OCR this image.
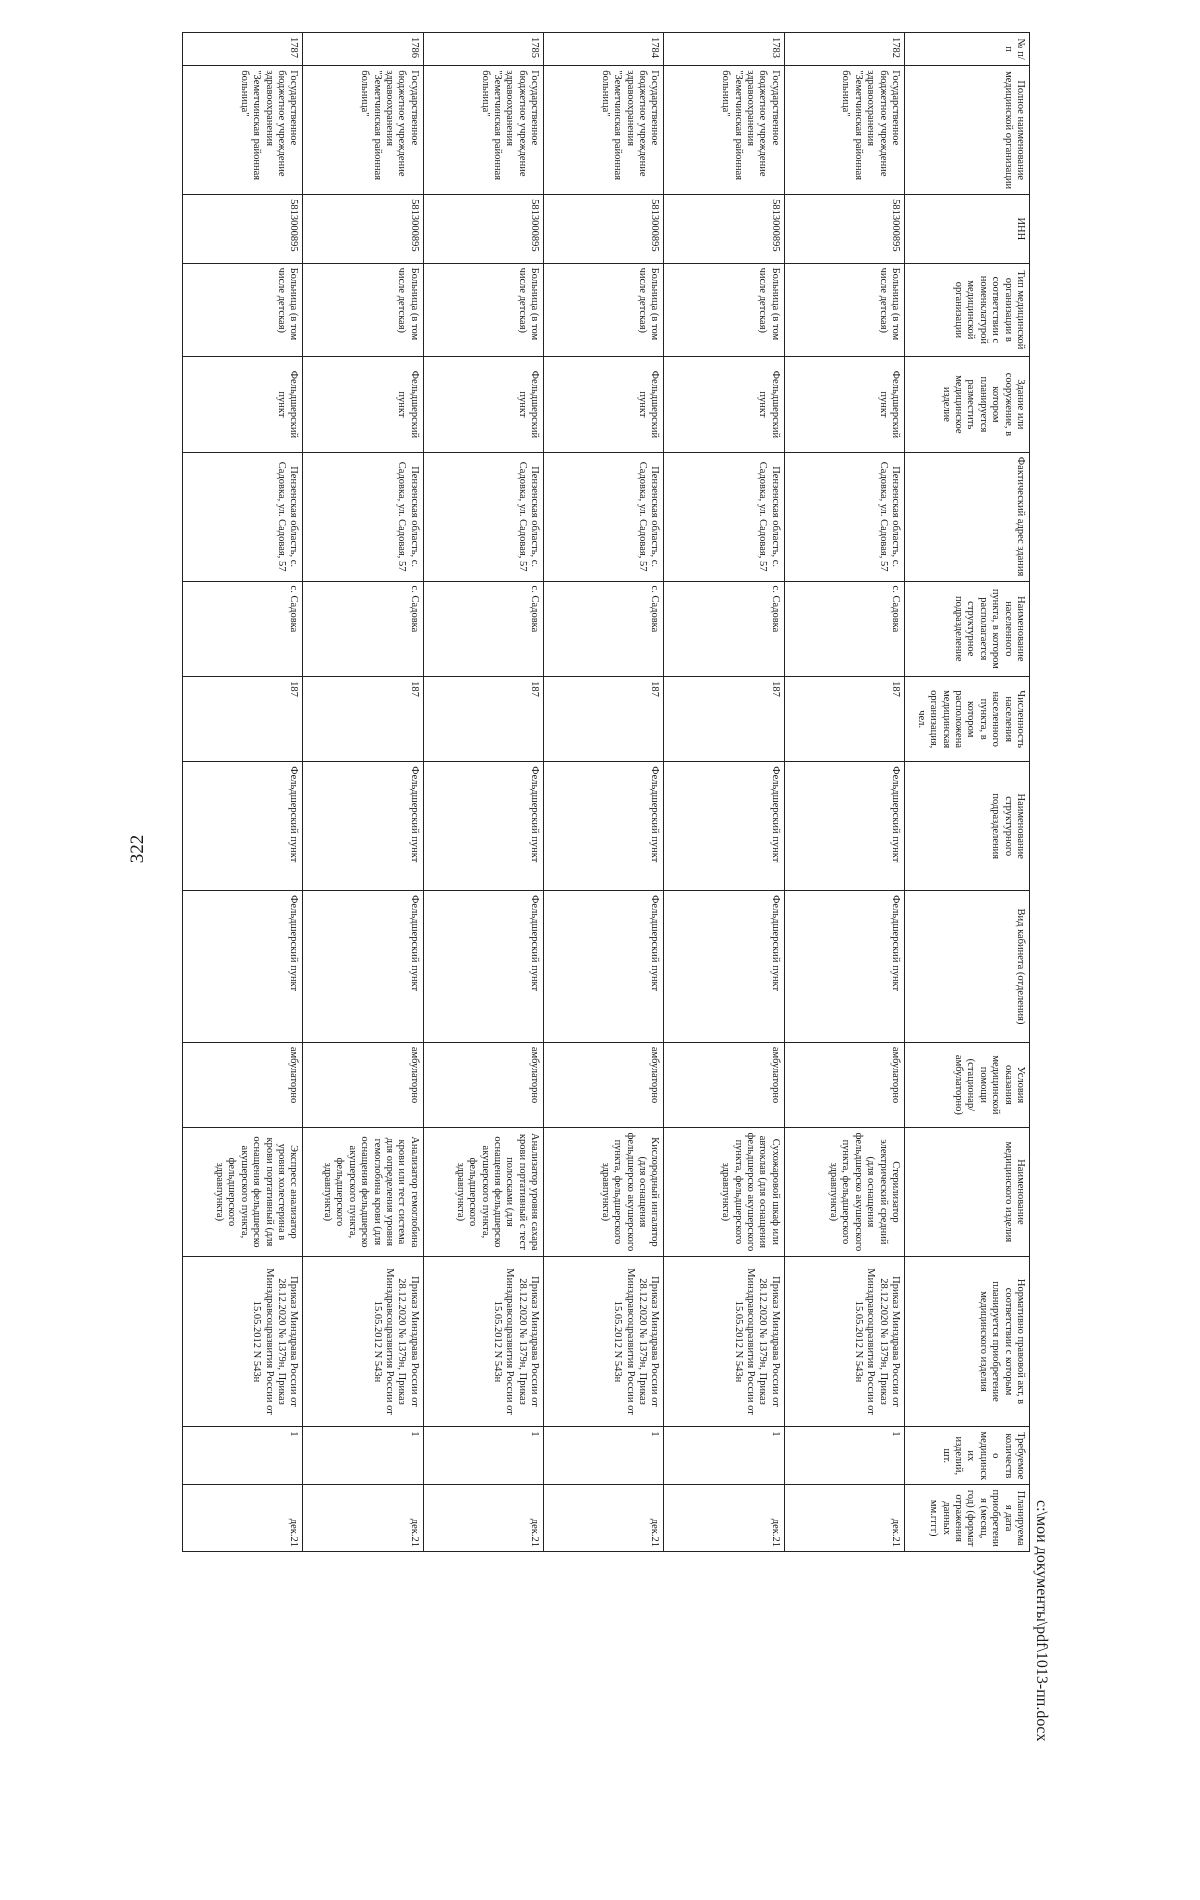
322
№ п/п	Полное наименование медицинской организации	ИНН	Тип медицинской организации в соответствии с номенклатурой медицинской организации	Здание или сооружение, в котором планируется разместить медицинское изделие	Фактический адрес здания	Наименование населенного пункта, в котором располагается структурное подразделение	Численность населения населенного пункта, в котором расположена медицинская организация, чел.	Наименование структурного подразделения	Вид кабинета (отделения)	Условия оказания медицинской помощи (стационар/амбулаторно)	Наименование медицинского изделия	Нормативно правовой акт, в соответствии с которым планируется приобретение медицинского изделия	Требуемое количество медицинских изделий, шт.	Планируемая дата приобретения (месяц, год) (формат отражения данных мм.гггг)
1782	Государственное бюджетное учреждение здравоохранения "Земетчинская районная больница"	5813000895	Больница (в том числе детская)	Фельдшерский пункт	Пензенская область, с. Садовка, ул. Садовая, 57	с. Садовка	187	Фельдшерский пункт	Фельдшерский пункт	амбулаторно	Стерилизатор электрический средний (для оснащения фельдшерско акушерского пункта, фельдшерского здравпункта)	Приказ Минздрава России от 28.12.2020 № 1379н, Приказ Минздравсоцразвития России от 15.05.2012 N 543н	1	дек.21
1783	Государственное бюджетное учреждение здравоохранения "Земетчинская районная больница"	5813000895	Больница (в том числе детская)	Фельдшерский пункт	Пензенская область, с. Садовка, ул. Садовая, 57	с. Садовка	187	Фельдшерский пункт	Фельдшерский пункт	амбулаторно	Сухожаровой шкаф или автоклав (для оснащения фельдшерско акушерского пункта, фельдшерского здравпункта)	Приказ Минздрава России от 28.12.2020 № 1379н, Приказ Минздравсоцразвития России от 15.05.2012 N 543н	1	дек.21
1784	Государственное бюджетное учреждение здравоохранения "Земетчинская районная больница"	5813000895	Больница (в том числе детская)	Фельдшерский пункт	Пензенская область, с. Садовка, ул. Садовая, 57	с. Садовка	187	Фельдшерский пункт	Фельдшерский пункт	амбулаторно	Кислородный ингалятор (для оснащения фельдшерско акушерского пункта, фельдшерского здравпункта)	Приказ Минздрава России от 28.12.2020 № 1379н, Приказ Минздравсоцразвития России от 15.05.2012 N 543н	1	дек.21
1785	Государственное бюджетное учреждение здравоохранения "Земетчинская районная больница"	5813000895	Больница (в том числе детская)	Фельдшерский пункт	Пензенская область, с. Садовка, ул. Садовая, 57	с. Садовка	187	Фельдшерский пункт	Фельдшерский пункт	амбулаторно	Анализатор уровня сахара крови портативный с тест полосками (для оснащения фельдшерско акушерского пункта, фельдшерского здравпункта)	Приказ Минздрава России от 28.12.2020 № 1379н, Приказ Минздравсоцразвития России от 15.05.2012 N 543н	1	дек.21
1786	Государственное бюджетное учреждение здравоохранения "Земетчинская районная больница"	5813000895	Больница (в том числе детская)	Фельдшерский пункт	Пензенская область, с. Садовка, ул. Садовая, 57	с. Садовка	187	Фельдшерский пункт	Фельдшерский пункт	амбулаторно	Анализатор гемоглобина крови или тест система для определения уровня гемоглобина крови (для оснащения фельдшерско акушерского пункта, фельдшерского здравпункта)	Приказ Минздрава России от 28.12.2020 № 1379н, Приказ Минздравсоцразвития России от 15.05.2012 N 543н	1	дек.21
1787	Государственное бюджетное учреждение здравоохранения "Земетчинская районная больница"	5813000895	Больница (в том числе детская)	Фельдшерский пункт	Пензенская область, с. Садовка, ул. Садовая, 57	с. Садовка	187	Фельдшерский пункт	Фельдшерский пункт	амбулаторно	Экспресс анализатор уровня холестерина в крови портативный (для оснащения фельдшерско акушерского пункта, фельдшерского здравпункта)	Приказ Минздрава России от 28.12.2020 № 1379н, Приказ Минздравсоцразвития России от 15.05.2012 N 543н	1	дек.21	с:\мои документы\pdf\1013-пп.docx
